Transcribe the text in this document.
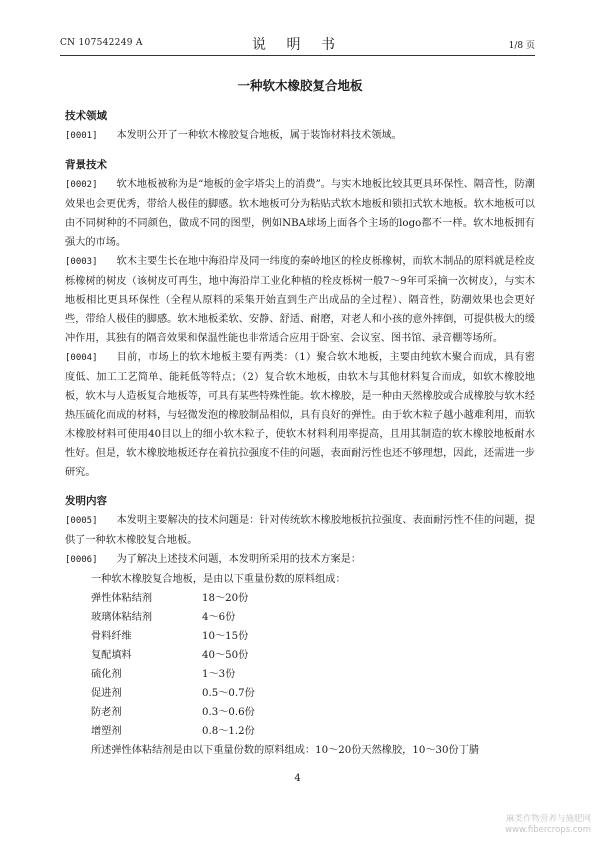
CN 107542249 A	说 明 书	1/8 页
一种软木橡胶复合地板
技术领域
[0001] 本发明公开了一种软木橡胶复合地板，属于装饰材料技术领域。
背景技术
[0002] 软木地板被称为是“地板的金字塔尖上的消费”。与实木地板比较其更具环保性、隔音性，防潮效果也会更优秀，带给人极佳的脚感。软木地板可分为粘贴式软木地板和锁扣式软木地板。软木地板可以由不同树种的不同颜色，做成不同的图型，例如NBA球场上面各个主场的logo都不一样。软木地板拥有强大的市场。
[0003] 软木主要生长在地中海沿岸及同一纬度的秦岭地区的栓皮栎橡树，而软木制品的原料就是栓皮栎橡树的树皮（该树皮可再生，地中海沿岸工业化种植的栓皮栎树一般7～9年可采摘一次树皮），与实木地板相比更具环保性（全程从原料的采集开始直到生产出成品的全过程）、隔音性，防潮效果也会更好些，带给人极佳的脚感。软木地板柔软、安静、舒适、耐磨，对老人和小孩的意外摔倒，可提供极大的缓冲作用，其独有的隔音效果和保温性能也非常适合应用于卧室、会议室、图书馆、录音棚等场所。
[0004] 目前，市场上的软木地板主要有两类：（1）聚合软木地板，主要由纯软木聚合而成，具有密度低、加工工艺简单、能耗低等特点；（2）复合软木地板，由软木与其他材料复合而成，如软木橡胶地板，软木与人造板复合地板等，可具有某些特殊性能。软木橡胶，是一种由天然橡胶或合成橡胶与软木经热压硫化而成的材料，与轻微发泡的橡胶制品相似，具有良好的弹性。由于软木粒子越小越难利用，而软木橡胶材料可使用40目以上的细小软木粒子，使软木材料利用率提高，且用其制造的软木橡胶地板耐水性好。但是，软木橡胶地板还存在着抗拉强度不佳的问题，表面耐污性也还不够理想，因此，还需进一步研究。
发明内容
[0005] 本发明主要解决的技术问题是：针对传统软木橡胶地板抗拉强度、表面耐污性不佳的问题，提供了一种软木橡胶复合地板。
[0006] 为了解决上述技术问题，本发明所采用的技术方案是：
一种软木橡胶复合地板，是由以下重量份数的原料组成：
弹性体粘结剂	18～20份
玻璃体粘结剂	4～6份
骨料纤维	10～15份
复配填料	40～50份
硫化剂	1～3份
促进剂	0.5～0.7份
防老剂	0.3～0.6份
增塑剂	0.8～1.2份
所述弹性体粘结剂是由以下重量份数的原料组成：10～20份天然橡胶，10～30份丁腈
4
麻类作物营养与施肥网
www.fibercrops.com
